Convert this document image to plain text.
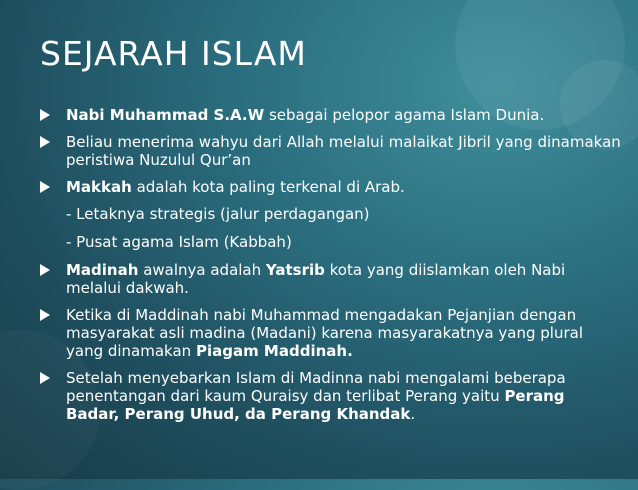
SEJARAH ISLAM
Nabi Muhammad S.A.W sebagai pelopor agama Islam Dunia.
Beliau menerima wahyu dari Allah melalui malaikat Jibril yang dinamakan peristiwa Nuzulul Qur’an
Makkah adalah kota paling terkenal di Arab.
- Letaknya strategis (jalur perdagangan)
- Pusat agama Islam (Kabbah)
Madinah awalnya adalah Yatsrib kota yang diislamkan oleh Nabi melalui dakwah.
Ketika di Maddinah nabi Muhammad mengadakan Pejanjian dengan masyarakat asli madina (Madani) karena masyarakatnya yang plural yang dinamakan Piagam Maddinah.
Setelah menyebarkan Islam di Madinna nabi mengalami beberapa penentangan dari kaum Quraisy dan terlibat Perang yaitu Perang Badar, Perang Uhud, da Perang Khandak.
